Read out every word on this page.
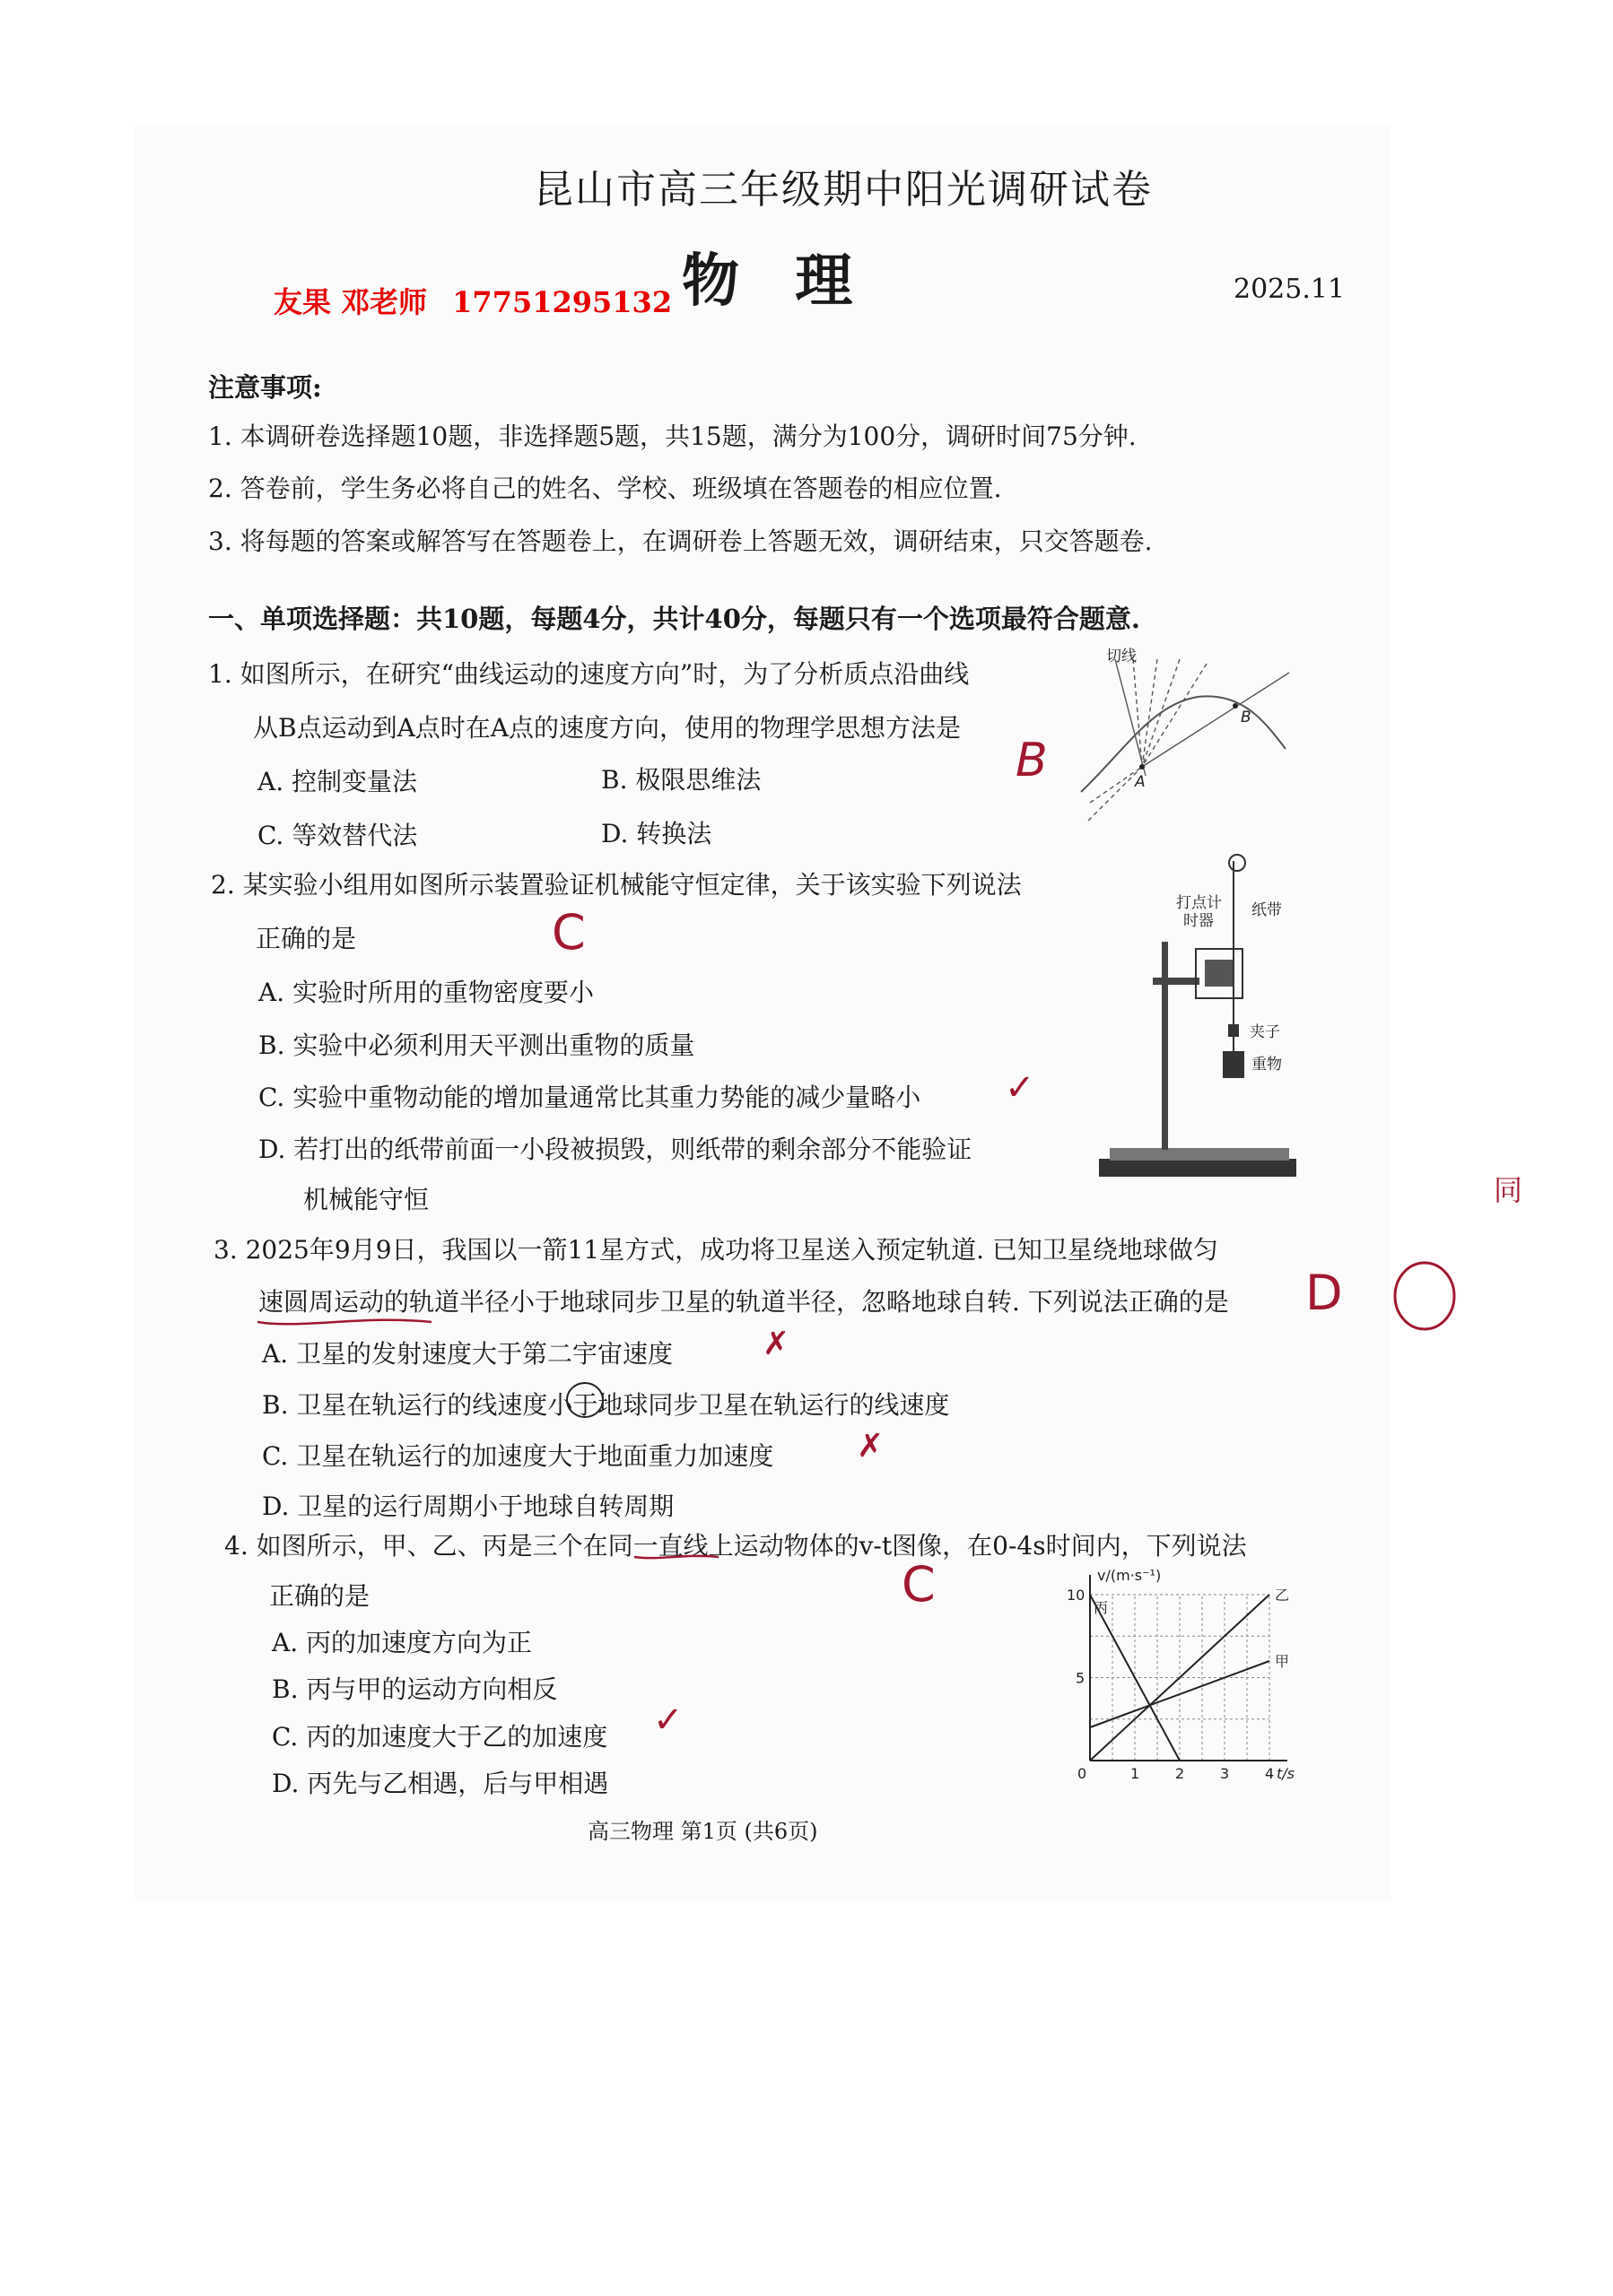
昆山市高三年级期中阳光调研试卷
物 理	2025.11
友果 邓老师 17751295132
注意事项:
1. 本调研卷选择题10题，非选择题5题，共15题，满分为100分，调研时间75分钟.
2. 答卷前，学生务必将自己的姓名、学校、班级填在答题卷的相应位置.
3. 将每题的答案或解答写在答题卷上，在调研卷上答题无效，调研结束，只交答题卷.
一、单项选择题：共10题，每题4分，共计40分，每题只有一个选项最符合题意.
1. 如图所示，在研究“曲线运动的速度方向”时，为了分析质点沿曲线
从B点运动到A点时在A点的速度方向，使用的物理学思想方法是
A. 控制变量法	B. 极限思维法
C. 等效替代法	D. 转换法
B
切线
A
B
2. 某实验小组用如图所示装置验证机械能守恒定律，关于该实验下列说法
正确的是	C
A. 实验时所用的重物密度要小
B. 实验中必须利用天平测出重物的质量
C. 实验中重物动能的增加量通常比其重力势能的减少量略小 ✓
D. 若打出的纸带前面一小段被损毁，则纸带的剩余部分不能验证
机械能守恒
打点计
时器
纸带
夹子
重物
同
3. 2025年9月9日，我国以一箭11星方式，成功将卫星送入预定轨道. 已知卫星绕地球做匀
速圆周运动的轨道半径小于地球同步卫星的轨道半径，忽略地球自转. 下列说法正确的是 D
A. 卫星的发射速度大于第二宇宙速度	✗
B. 卫星在轨运行的线速度小于地球同步卫星在轨运行的线速度
C. 卫星在轨运行的加速度大于地面重力加速度	✗
D. 卫星的运行周期小于地球自转周期
4. 如图所示，甲、乙、丙是三个在同一直线上运动物体的v-t图像，在0-4s时间内，下列说法
正确的是	C
A. 丙的加速度方向为正
B. 丙与甲的运动方向相反
C. 丙的加速度大于乙的加速度 ✓
D. 丙先与乙相遇，后与甲相遇
v/(m·s⁻¹)
t/s
0	1 2 3 4
5
10
丙
乙
甲
高三物理 第1页 (共6页)
